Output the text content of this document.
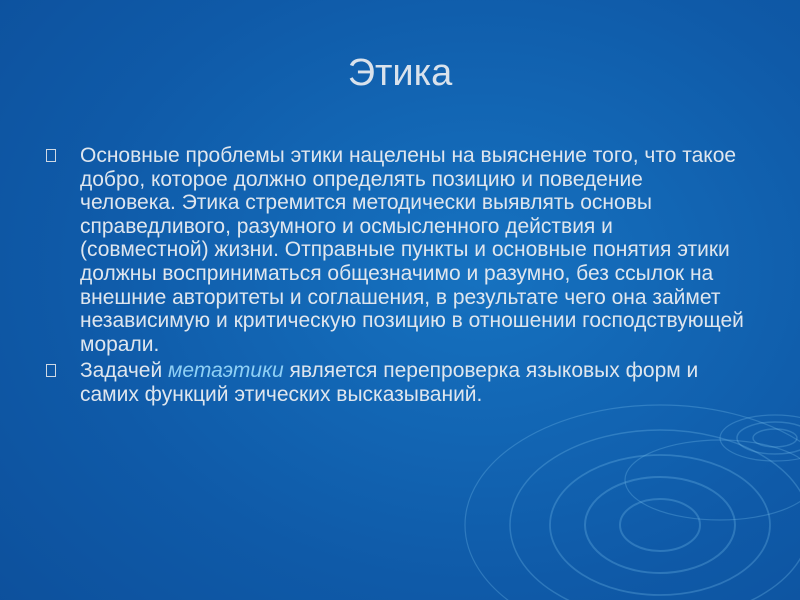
Этика
Основные проблемы этики нацелены на выяснение того, что такое добро, которое должно определять позицию и поведение человека. Этика стремится методически выявлять основы справедливого, разумного и осмысленного действия и (совместной) жизни. Отправные пункты и основные понятия этики должны восприниматься общезначимо и разумно, без ссылок на внешние авторитеты и соглашения, в результате чего она займет независимую и критическую позицию в отношении господствующей морали.
Задачей метаэтики является перепроверка языковых форм и самих функций этических высказываний.
